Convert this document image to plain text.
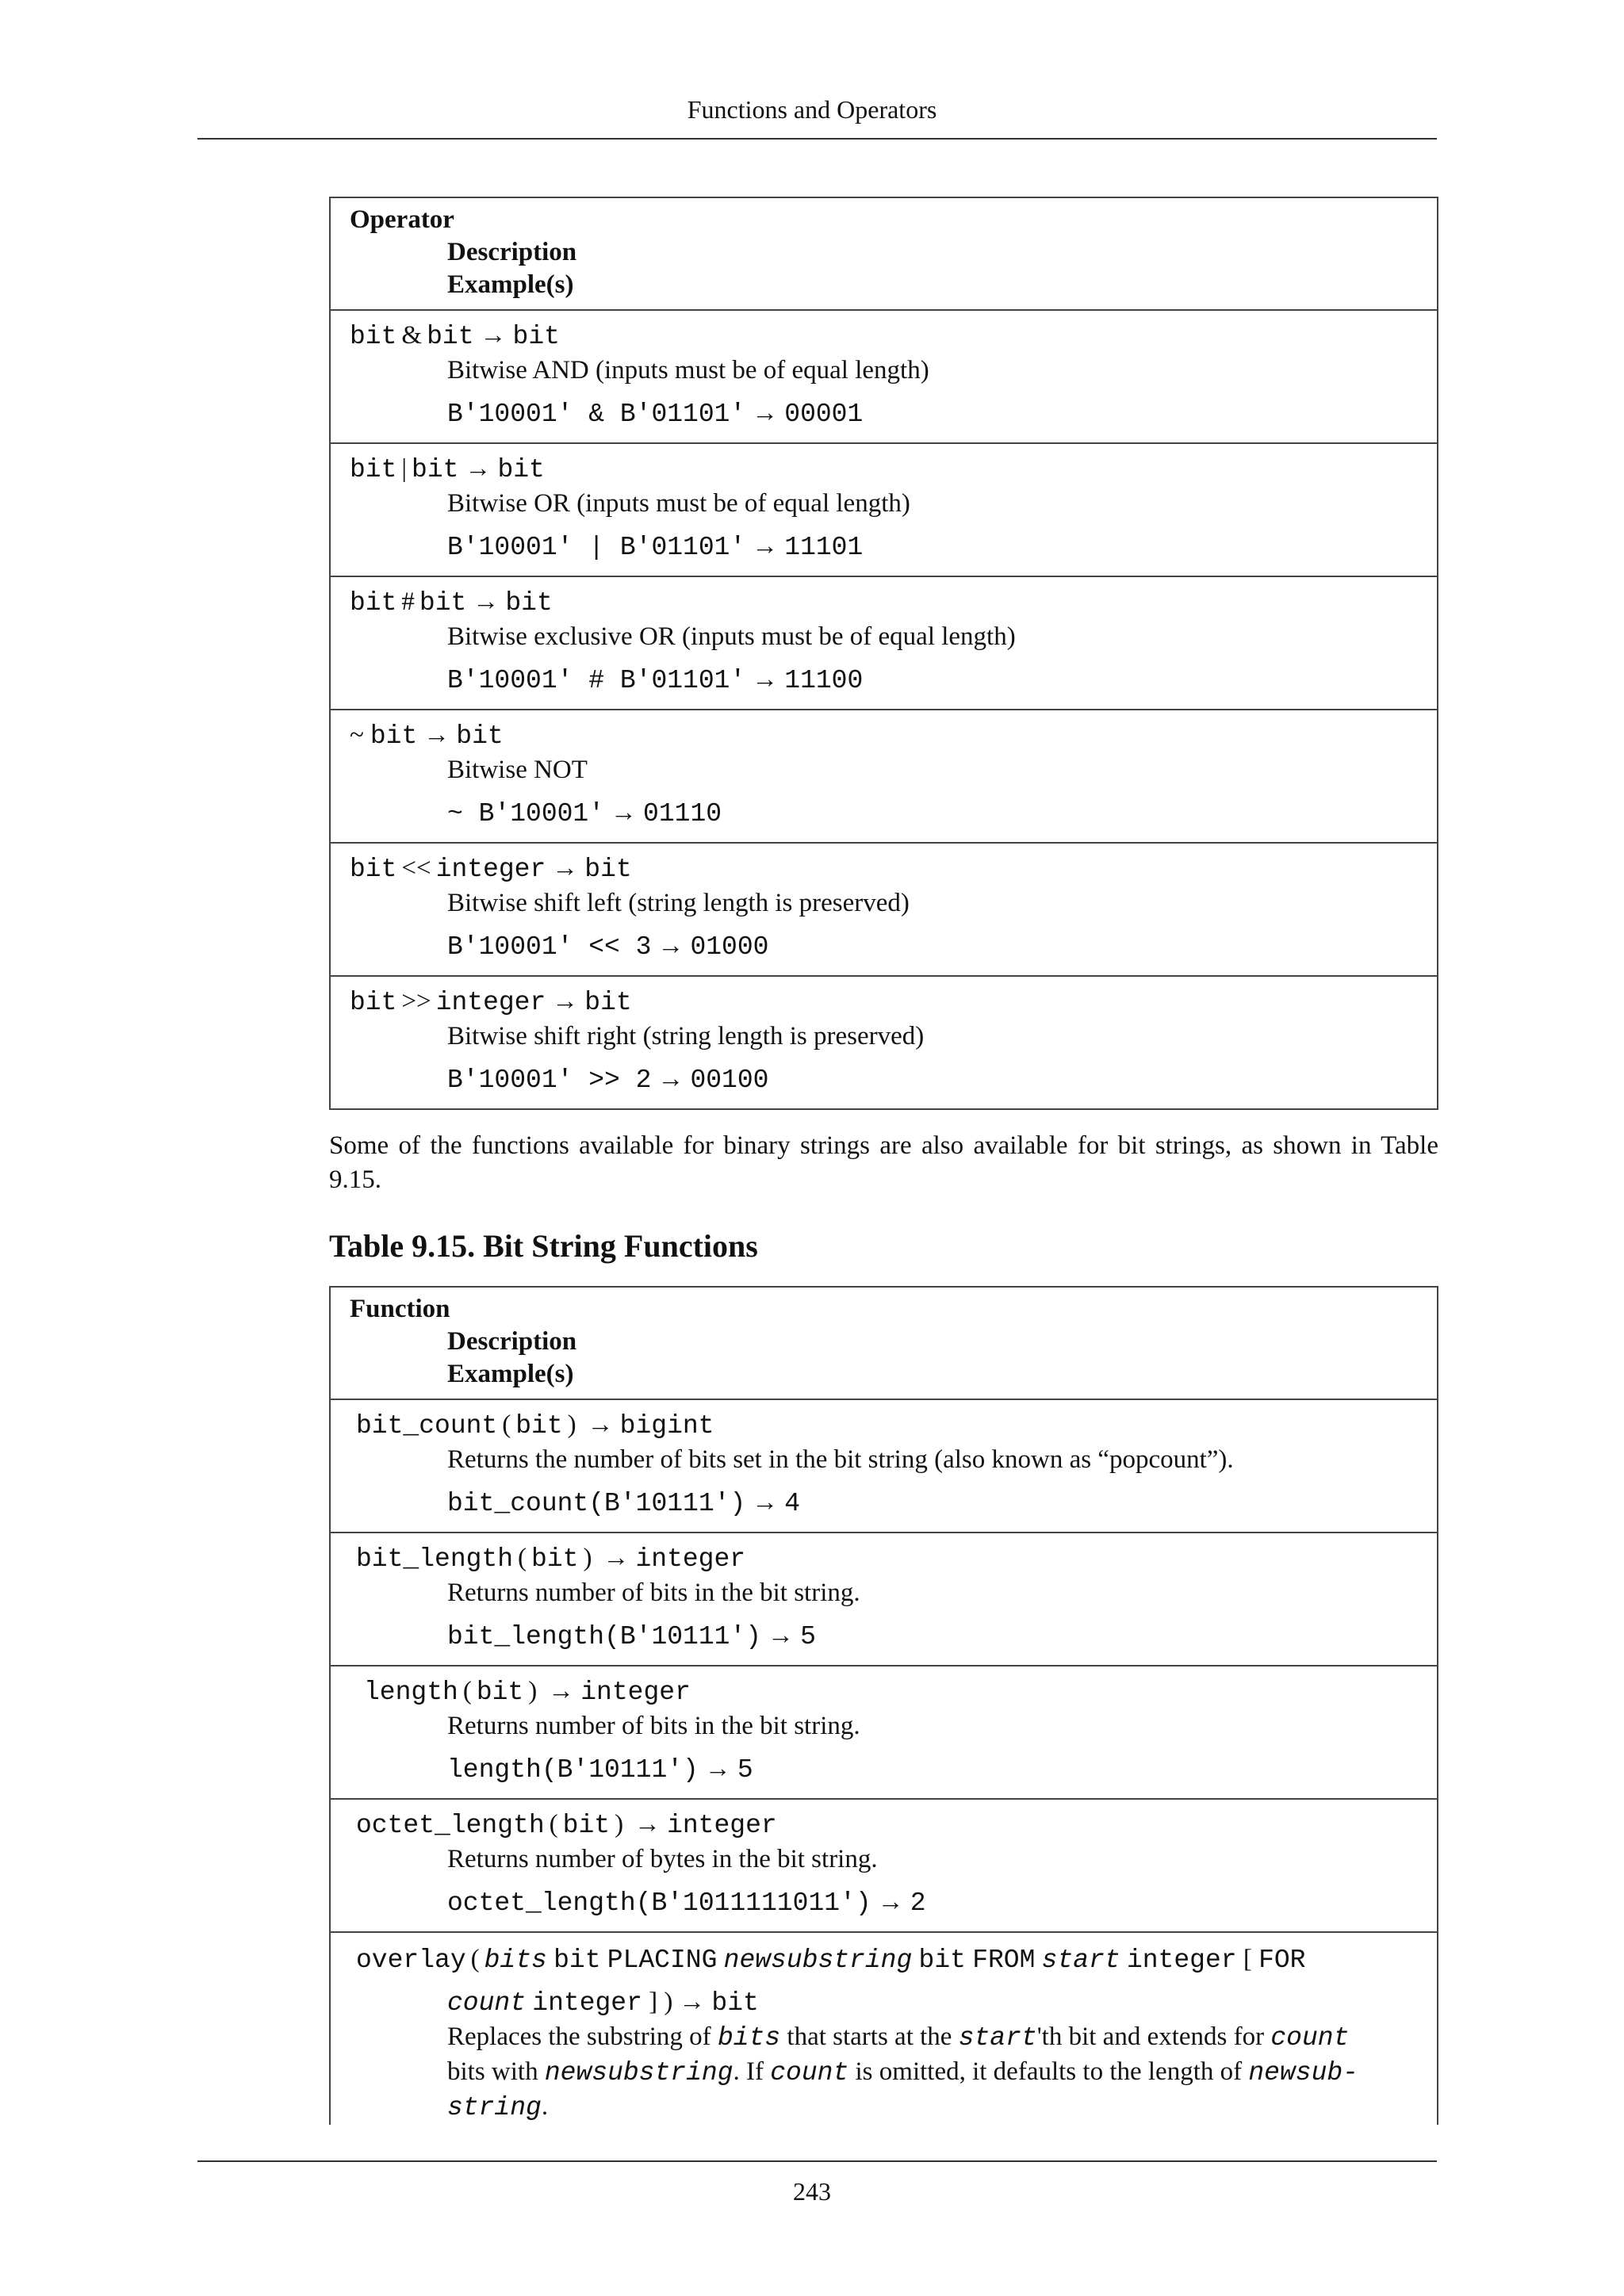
Functions and Operators
Operator
Description
Example(s)

bit & bit → bit
Bitwise AND (inputs must be of equal length)
B'10001' & B'01101' → 00001

bit | bit → bit
Bitwise OR (inputs must be of equal length)
B'10001' | B'01101' → 11101

bit # bit → bit
Bitwise exclusive OR (inputs must be of equal length)
B'10001' # B'01101' → 11100

~ bit → bit
Bitwise NOT
~ B'10001' → 01110

bit << integer → bit
Bitwise shift left (string length is preserved)
B'10001' << 3 → 01000

bit >> integer → bit
Bitwise shift right (string length is preserved)
B'10001' >> 2 → 00100
Some of the functions available for binary strings are also available for bit strings, as shown in Table 9.15.
Table 9.15. Bit String Functions
Function
Description
Example(s)

bit_count ( bit ) → bigint
Returns the number of bits set in the bit string (also known as “popcount”).
bit_count(B'10111') → 4

bit_length ( bit ) → integer
Returns number of bits in the bit string.
bit_length(B'10111') → 5

length ( bit ) → integer
Returns number of bits in the bit string.
length(B'10111') → 5

octet_length ( bit ) → integer
Returns number of bytes in the bit string.
octet_length(B'1011111011') → 2

overlay ( bits bit PLACING newsubstring bit FROM start integer [ FOR
count integer ] ) → bit
Replaces the substring of bits that starts at the start'th bit and extends for count
bits with newsubstring. If count is omitted, it defaults to the length of newsub-
string.
243
